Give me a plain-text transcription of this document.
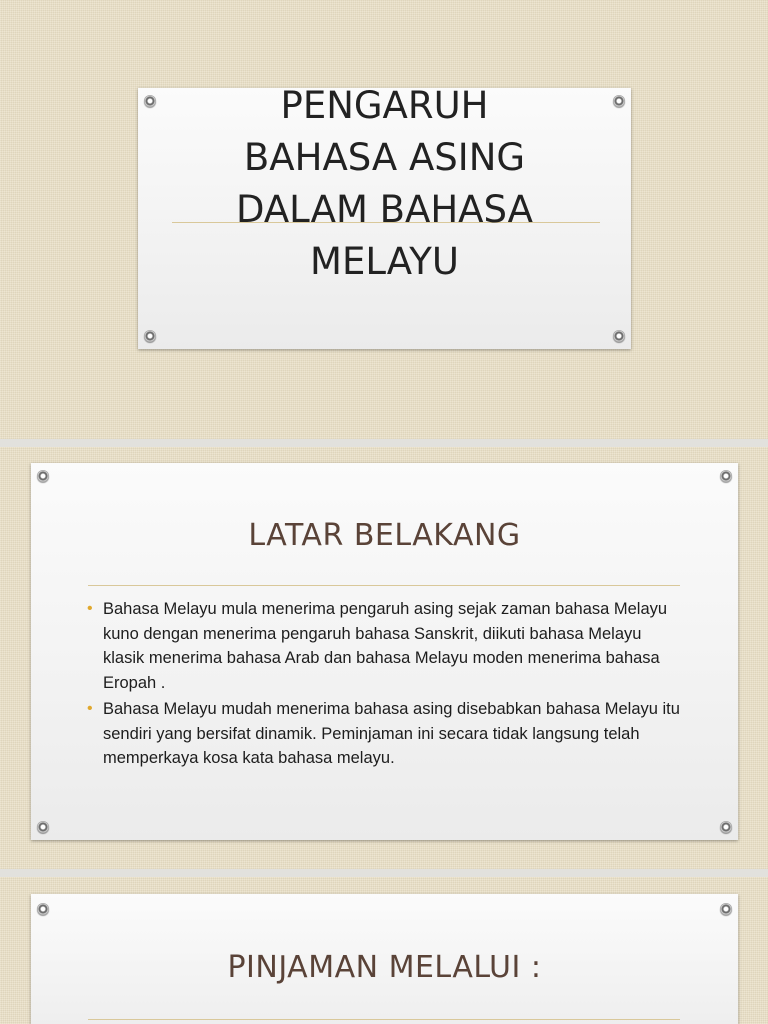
PENGARUH
BAHASA ASING
DALAM BAHASA
MELAYU
LATAR BELAKANG
• Bahasa Melayu mula menerima pengaruh asing sejak zaman bahasa Melayu kuno dengan menerima pengaruh bahasa Sanskrit, diikuti bahasa Melayu klasik menerima bahasa Arab dan bahasa Melayu moden menerima bahasa Eropah .
• Bahasa Melayu mudah menerima bahasa asing disebabkan bahasa Melayu itu sendiri yang bersifat dinamik. Peminjaman ini secara tidak langsung telah memperkaya kosa kata bahasa melayu.
PINJAMAN MELALUI :
